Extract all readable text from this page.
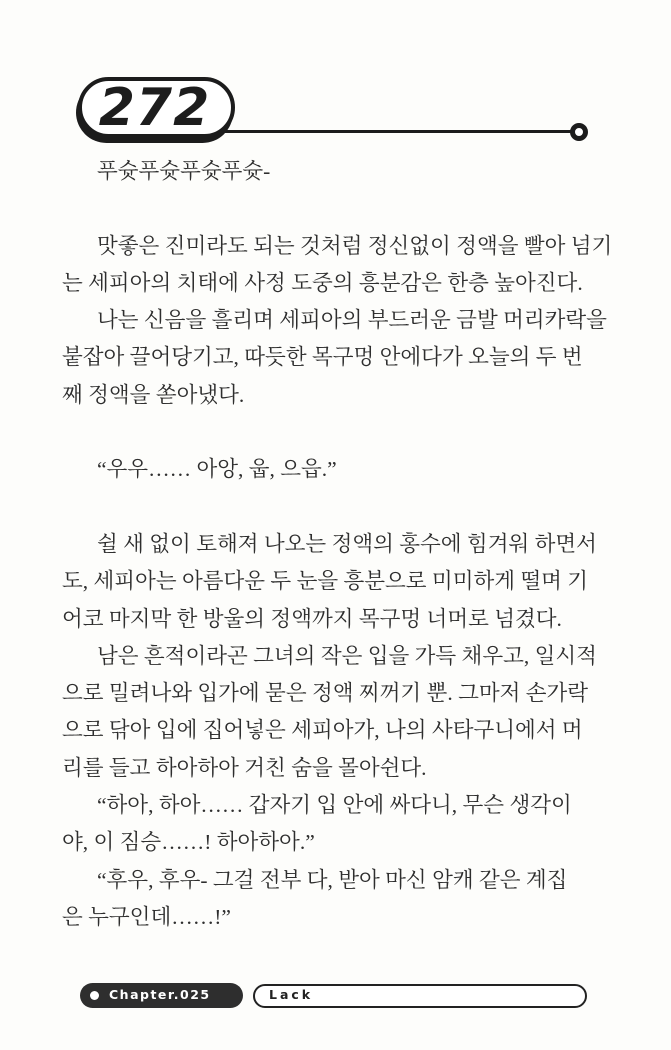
272
푸슛푸슛푸슛푸슛-
맛좋은 진미라도 되는 것처럼 정신없이 정액을 빨아 넘기
는 세피아의 치태에 사정 도중의 흥분감은 한층 높아진다.
나는 신음을 흘리며 세피아의 부드러운 금발 머리카락을
붙잡아 끌어당기고, 따듯한 목구멍 안에다가 오늘의 두 번
째 정액을 쏟아냈다.
“우우…… 아앙, 웁, 으읍.”
쉴 새 없이 토해져 나오는 정액의 홍수에 힘겨워 하면서
도, 세피아는 아름다운 두 눈을 흥분으로 미미하게 떨며 기
어코 마지막 한 방울의 정액까지 목구멍 너머로 넘겼다.
남은 흔적이라곤 그녀의 작은 입을 가득 채우고, 일시적
으로 밀려나와 입가에 묻은 정액 찌꺼기 뿐. 그마저 손가락
으로 닦아 입에 집어넣은 세피아가, 나의 사타구니에서 머
리를 들고 하아하아 거친 숨을 몰아쉰다.
“하아, 하아…… 갑자기 입 안에 싸다니, 무슨 생각이
야, 이 짐승……! 하아하아.”
“후우, 후우- 그걸 전부 다, 받아 마신 암캐 같은 계집
은 누구인데……!”
Chapter.025	Lack
